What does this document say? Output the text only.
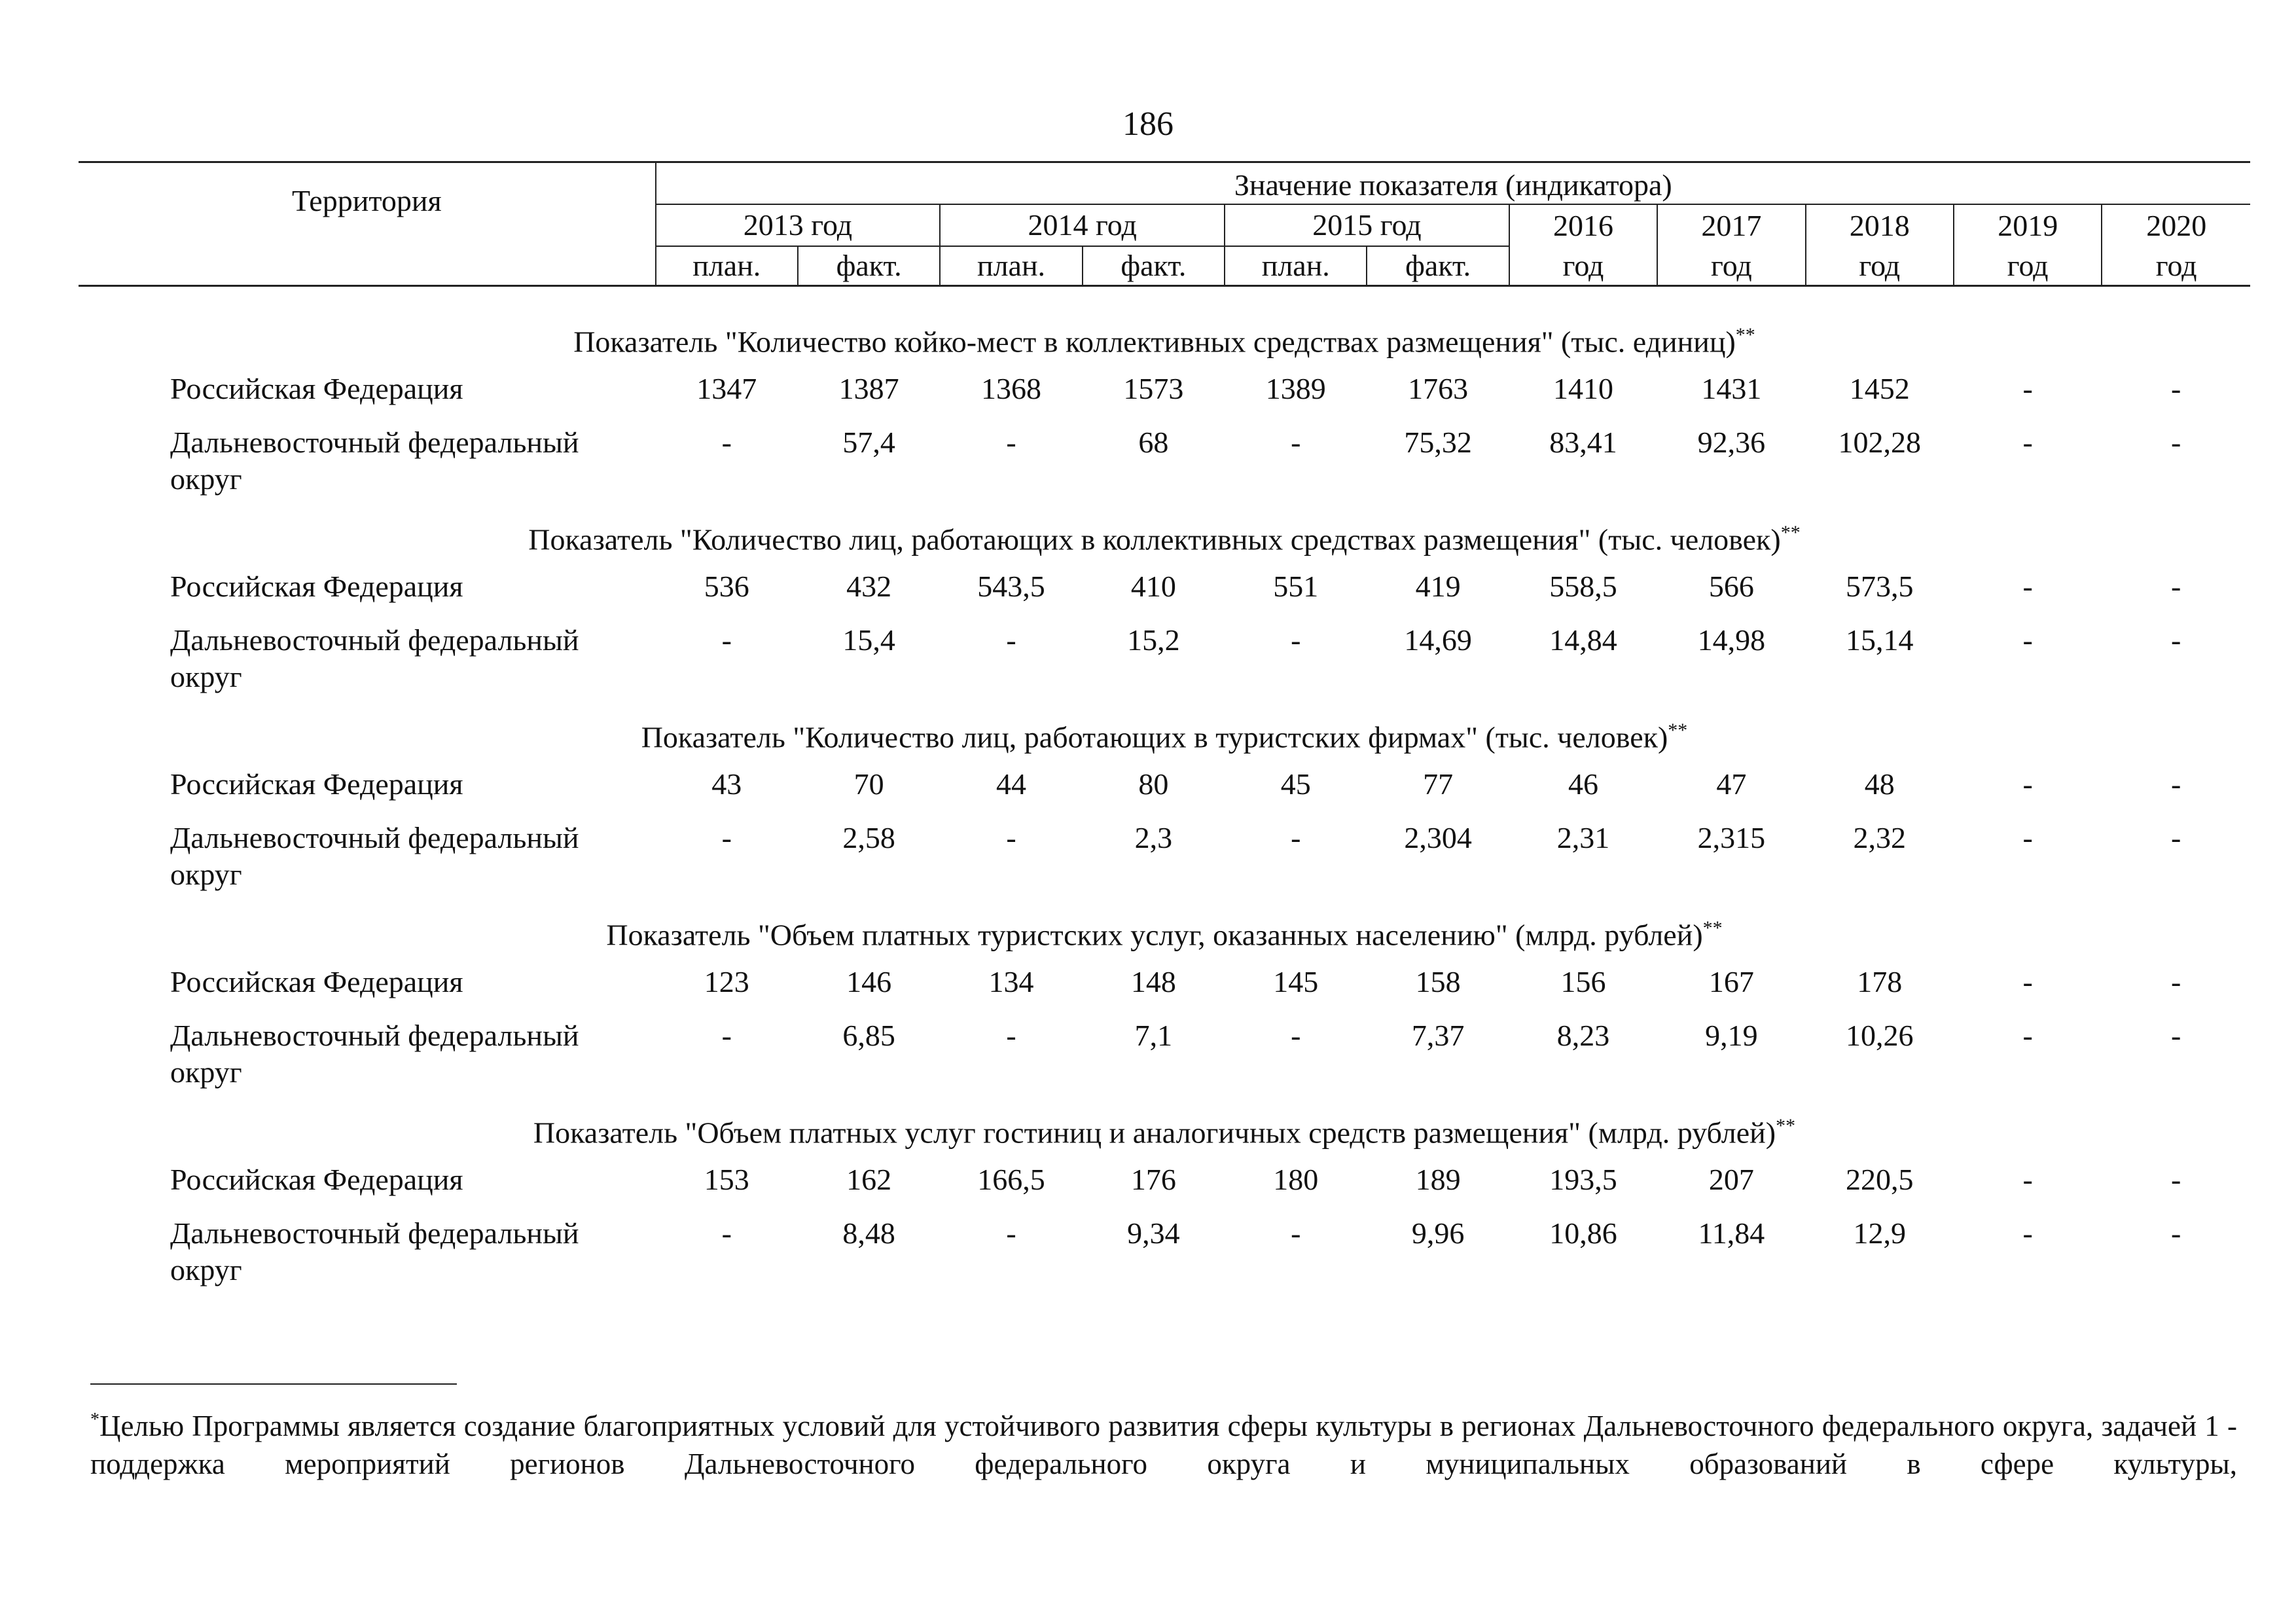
186
Территория	Значение показателя (индикатора)										
	2013 год		2014 год		2015 год		2016	2017	2018	2019	2020
	план.	факт.	план.	факт.	план.	факт.	год	год	год	год	год

Показатель "Количество койко-мест в коллективных средствах размещения" (тыс. единиц)**
Российская Федерация	1347	1387	1368	1573	1389	1763	1410	1431	1452	-	-
Дальневосточный федеральный округ	-	57,4	-	68	-	75,32	83,41	92,36	102,28	-	-
Показатель "Количество лиц, работающих в коллективных средствах размещения" (тыс. человек)**
Российская Федерация	536	432	543,5	410	551	419	558,5	566	573,5	-	-
Дальневосточный федеральный округ	-	15,4	-	15,2	-	14,69	14,84	14,98	15,14	-	-
Показатель "Количество лиц, работающих в туристских фирмах" (тыс. человек)**
Российская Федерация	43	70	44	80	45	77	46	47	48	-	-
Дальневосточный федеральный округ	-	2,58	-	2,3	-	2,304	2,31	2,315	2,32	-	-
Показатель "Объем платных туристских услуг, оказанных населению" (млрд. рублей)**
Российская Федерация	123	146	134	148	145	158	156	167	178	-	-
Дальневосточный федеральный округ	-	6,85	-	7,1	-	7,37	8,23	9,19	10,26	-	-
Показатель "Объем платных услуг гостиниц и аналогичных средств размещения" (млрд. рублей)**
Российская Федерация	153	162	166,5	176	180	189	193,5	207	220,5	-	-
Дальневосточный федеральный округ	-	8,48	-	9,34	-	9,96	10,86	11,84	12,9	-	-
*Целью Программы является создание благоприятных условий для устойчивого развития сферы культуры в регионах Дальневосточного федерального округа, задачей 1 - поддержка мероприятий регионов Дальневосточного федерального округа и муниципальных образований в сфере культуры,
